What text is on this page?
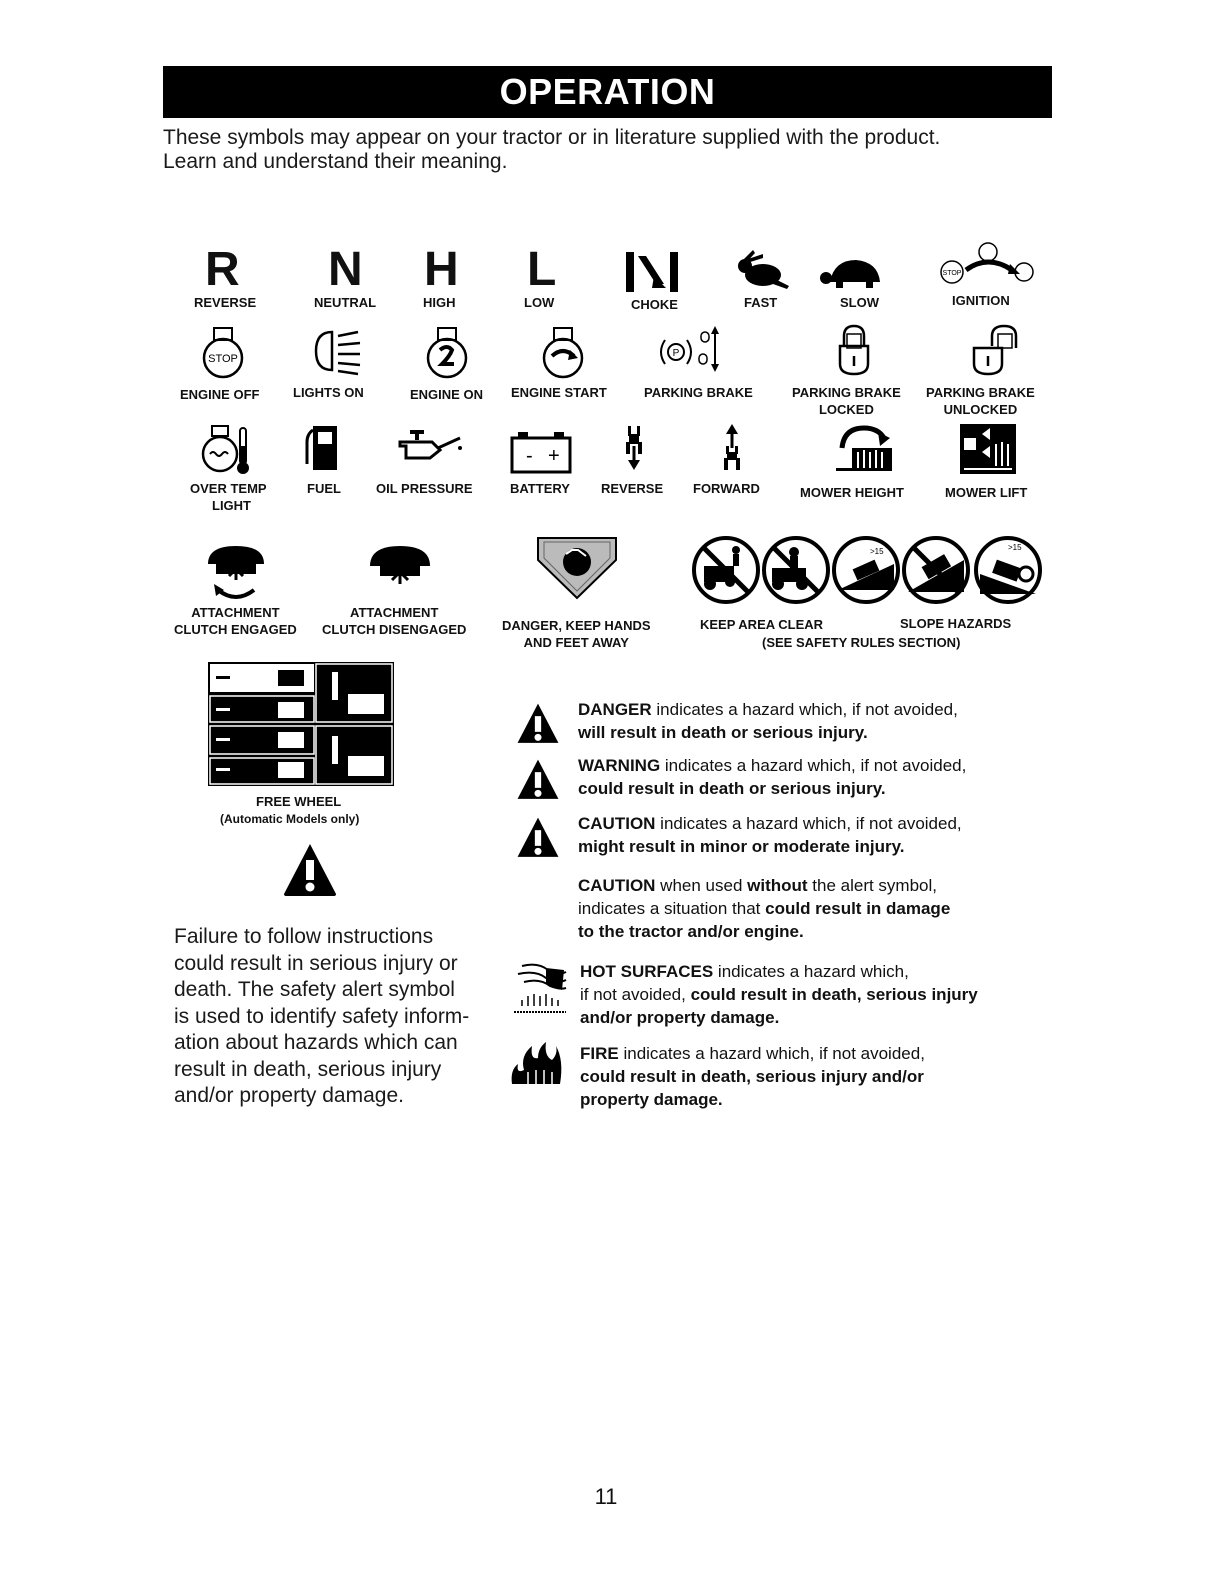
OPERATION
These symbols may appear on your tractor or in literature supplied with the product.
Learn and understand their meaning.
R
REVERSE
N
NEUTRAL
H
HIGH
L
LOW	CHOKE	FAST	SLOW
STOP
IGNITION
STOP
ENGINE OFF	LIGHTS ON	ENGINE ON ENGINE START
P
PARKING BRAKE	PARKING BRAKE
LOCKED
PARKING BRAKE
UNLOCKED
OVER TEMP
LIGHT
FUEL	OIL PRESSURE
- +
BATTERY REVERSE FORWARD	MOWER HEIGHT	MOWER LIFT
ATTACHMENT
CLUTCH ENGAGED
ATTACHMENT
CLUTCH DISENGAGED	DANGER, KEEP HANDS
AND FEET AWAY
>15	>15
KEEP AREA CLEAR	SLOPE HAZARDS
(SEE SAFETY RULES SECTION)
FREE WHEEL
(Automatic Models only)
Failure to follow instructions
could result in serious injury or
death. The safety alert symbol
is used to identify safety inform-
ation about hazards which can
result in death, serious injury
and/or property damage.
DANGER indicates a hazard which, if not avoided,
will result in death or serious injury.
WARNING indicates a hazard which, if not avoided,
could result in death or serious injury.
CAUTION indicates a hazard which, if not avoided,
might result in minor or moderate injury.
CAUTION when used without the alert symbol,
indicates a situation that could result in damage
to the tractor and/or engine.
HOT SURFACES indicates a hazard which,
if not avoided, could result in death, serious injury
and/or property damage.
FIRE indicates a hazard which, if not avoided,
could result in death, serious injury and/or
property damage.
11
